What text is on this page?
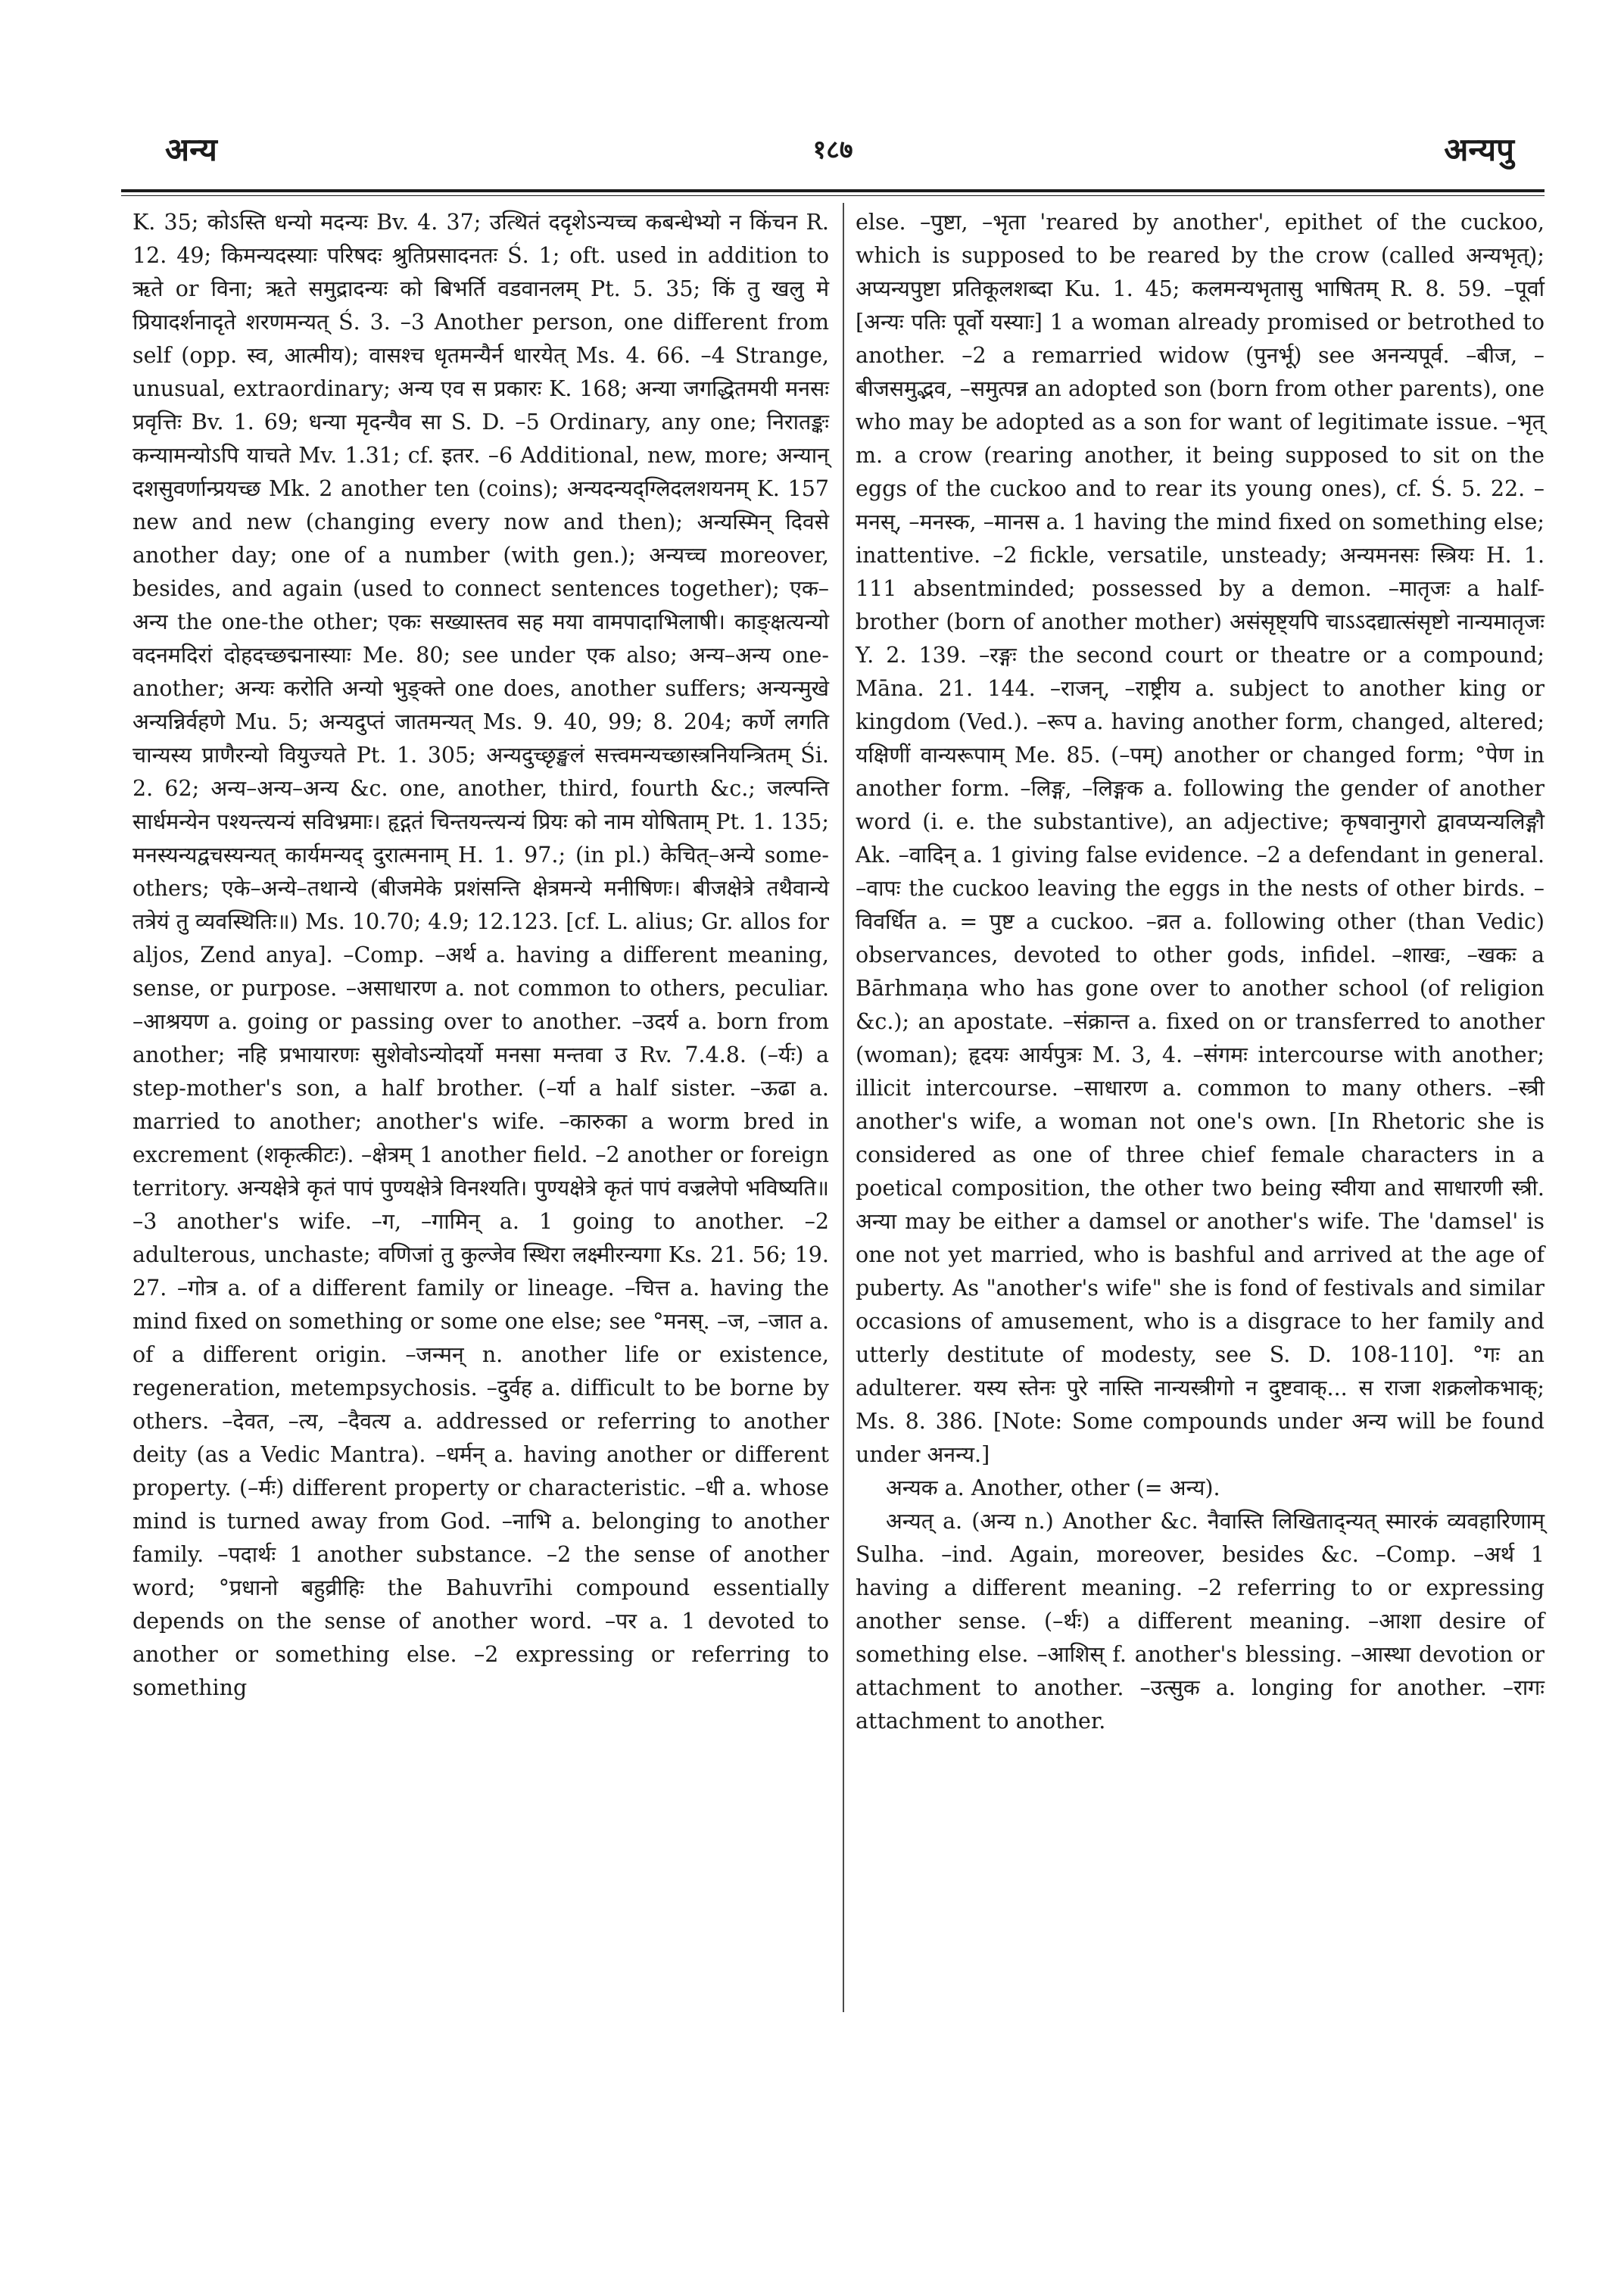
अन्य	१८७	अन्यपु

K. 35; कोऽस्ति धन्यो मदन्यः Bv. 4. 37; उत्थितं ददृशेऽन्यच्च कबन्धेभ्यो न किंचन R. 12. 49; किमन्यदस्याः परिषदः श्रुतिप्रसादनतः Ś. 1; oft. used in addition to ऋते or विना; ऋते समुद्रादन्यः को बिभर्ति वडवानलम् Pt. 5. 35; किं तु खलु मे प्रियादर्शनादृते शरणमन्यत् Ś. 3. –3 Another person, one different from self (opp. स्व, आत्मीय); वासश्च धृतमन्यैर्न धारयेत् Ms. 4. 66. –4 Strange, unusual, extraordinary; अन्य एव स प्रकारः K. 168; अन्या जगद्धितमयी मनसः प्रवृत्तिः Bv. 1. 69; धन्या मृदन्यैव सा S. D. –5 Ordinary, any one; निरातङ्कः कन्यामन्योऽपि याचते Mv. 1.31; cf. इतर. –6 Additional, new, more; अन्यान् दशसुवर्णान्प्रयच्छ Mk. 2 another ten (coins); अन्यदन्यद्ग्लिदलशयनम् K. 157 new and new (changing every now and then); अन्यस्मिन् दिवसे another day; one of a number (with gen.); अन्यच्च moreover, besides, and again (used to connect sentences together); एक–अन्य the one-the other; एकः सख्यास्तव सह मया वामपादाभिलाषी। काङ्क्षत्यन्यो वदनमदिरां दोहदच्छद्मनास्याः Me. 80; see under एक also; अन्य–अन्य one-another; अन्यः करोति अन्यो भुङ्क्ते one does, another suffers; अन्यन्मुखे अन्यन्निर्वहणे Mu. 5; अन्यदुप्तं जातमन्यत् Ms. 9. 40, 99; 8. 204; कर्णे लगति चान्यस्य प्राणैरन्यो वियुज्यते Pt. 1. 305; अन्यदुच्छृङ्खलं सत्त्वमन्यच्छास्त्रनियन्त्रितम् Śi. 2. 62; अन्य–अन्य–अन्य &c. one, another, third, fourth &c.; जल्पन्ति सार्धमन्येन पश्यन्त्यन्यं सविभ्रमाः। हृद्गतं चिन्तयन्त्यन्यं प्रियः को नाम योषिताम् Pt. 1. 135; मनस्यन्यद्वचस्यन्यत् कार्यमन्यद् दुरात्मनाम् H. 1. 97.; (in pl.) केचित्–अन्ये some-others; एके–अन्ये–तथान्ये (बीजमेके प्रशंसन्ति क्षेत्रमन्ये मनीषिणः। बीजक्षेत्रे तथैवान्ये तत्रेयं तु व्यवस्थितिः॥) Ms. 10.70; 4.9; 12.123. [cf. L. alius; Gr. allos for aljos, Zend anya]. –Comp. –अर्थ a. having a different meaning, sense, or purpose. –असाधारण a. not common to others, peculiar. –आश्रयण a. going or passing over to another. –उदर्य a. born from another; नहि प्रभायारणः सुशेवोऽन्योदर्यो मनसा मन्तवा उ Rv. 7.4.8. (–र्यः) a step-mother's son, a half brother. (–र्या a half sister. –ऊढा a. married to another; another's wife. –कारुका a worm bred in excrement (शकृत्कीटः). –क्षेत्रम् 1 another field. –2 another or foreign territory. अन्यक्षेत्रे कृतं पापं पुण्यक्षेत्रे विनश्यति। पुण्यक्षेत्रे कृतं पापं वज्रलेपो भविष्यति॥ –3 another's wife. –ग, –गामिन् a. 1 going to another. –2 adulterous, unchaste; वणिजां तु कुल्जेव स्थिरा लक्ष्मीरन्यगा Ks. 21. 56; 19. 27. –गोत्र a. of a different family or lineage. –चित्त a. having the mind fixed on something or some one else; see °मनस्. –ज, –जात a. of a different origin. –जन्मन् n. another life or existence, regeneration, metempsychosis. –दुर्वह a. difficult to be borne by others. –देवत, –त्य, –दैवत्य a. addressed or referring to another deity (as a Vedic Mantra). –धर्मन् a. having another or different property. (–र्मः) different property or characteristic. –धी a. whose mind is turned away from God. –नाभि a. belonging to another family. –पदार्थः 1 another substance. –2 the sense of another word; °प्रधानो बहुव्रीहिः the Bahuvrīhi compound essentially depends on the sense of another word. –पर a. 1 devoted to another or something else. –2 expressing or referring to something

else. –पुष्टा, –भृता 'reared by another', epithet of the cuckoo, which is supposed to be reared by the crow (called अन्यभृत्); अप्यन्यपुष्टा प्रतिकूलशब्दा Ku. 1. 45; कलमन्यभृतासु भाषितम् R. 8. 59. –पूर्वा [अन्यः पतिः पूर्वो यस्याः] 1 a woman already promised or betrothed to another. –2 a remarried widow (पुनर्भू) see अनन्यपूर्व. –बीज, –बीजसमुद्भव, –समुत्पन्न an adopted son (born from other parents), one who may be adopted as a son for want of legitimate issue. –भृत् m. a crow (rearing another, it being supposed to sit on the eggs of the cuckoo and to rear its young ones), cf. Ś. 5. 22. –मनस्, –मनस्क, –मानस a. 1 having the mind fixed on something else; inattentive. –2 fickle, versatile, unsteady; अन्यमनसः स्त्रियः H. 1. 111 absentminded; possessed by a demon. –मातृजः a half-brother (born of another mother) असंसृष्ट्यपि चाऽऽदद्यात्संसृष्टो नान्यमातृजः Y. 2. 139. –रङ्गः the second court or theatre or a compound; Māna. 21. 144. –राजन्, –राष्ट्रीय a. subject to another king or kingdom (Ved.). –रूप a. having another form, changed, altered; यक्षिणीं वान्यरूपाम् Me. 85. (–पम्) another or changed form; °पेण in another form. –लिङ्ग, –लिङ्गक a. following the gender of another word (i. e. the substantive), an adjective; कृषवानुगरो द्वावप्यन्यलिङ्गौ Ak. –वादिन् a. 1 giving false evidence. –2 a defendant in general. –वापः the cuckoo leaving the eggs in the nests of other birds. –विवर्धित a. = पुष्ट a cuckoo. –व्रत a. following other (than Vedic) observances, devoted to other gods, infidel. –शाखः, –खकः a Bārhmaṇa who has gone over to another school (of religion &c.); an apostate. –संक्रान्त a. fixed on or transferred to another (woman); हृदयः आर्यपुत्रः M. 3, 4. –संगमः intercourse with another; illicit intercourse. –साधारण a. common to many others. –स्त्री another's wife, a woman not one's own. [In Rhetoric she is considered as one of three chief female characters in a poetical composition, the other two being स्वीया and साधारणी स्त्री. अन्या may be either a damsel or another's wife. The 'damsel' is one not yet married, who is bashful and arrived at the age of puberty. As "another's wife" she is fond of festivals and similar occasions of amusement, who is a disgrace to her family and utterly destitute of modesty, see S. D. 108-110]. °गः an adulterer. यस्य स्तेनः पुरे नास्ति नान्यस्त्रीगो न दुष्टवाक्... स राजा शक्रलोकभाक्; Ms. 8. 386. [Note: Some compounds under अन्य will be found under अनन्य.]

अन्यक a. Another, other (= अन्य).

अन्यत् a. (अन्य n.) Another &c. नैवास्ति लिखिताद्न्यत् स्मारकं व्यवहारिणाम् Sulha. –ind. Again, moreover, besides &c. –Comp. –अर्थ 1 having a different meaning. –2 referring to or expressing another sense. (–र्थः) a different meaning. –आशा desire of something else. –आशिस् f. another's blessing. –आस्था devotion or attachment to another. –उत्सुक a. longing for another. –रागः attachment to another.
